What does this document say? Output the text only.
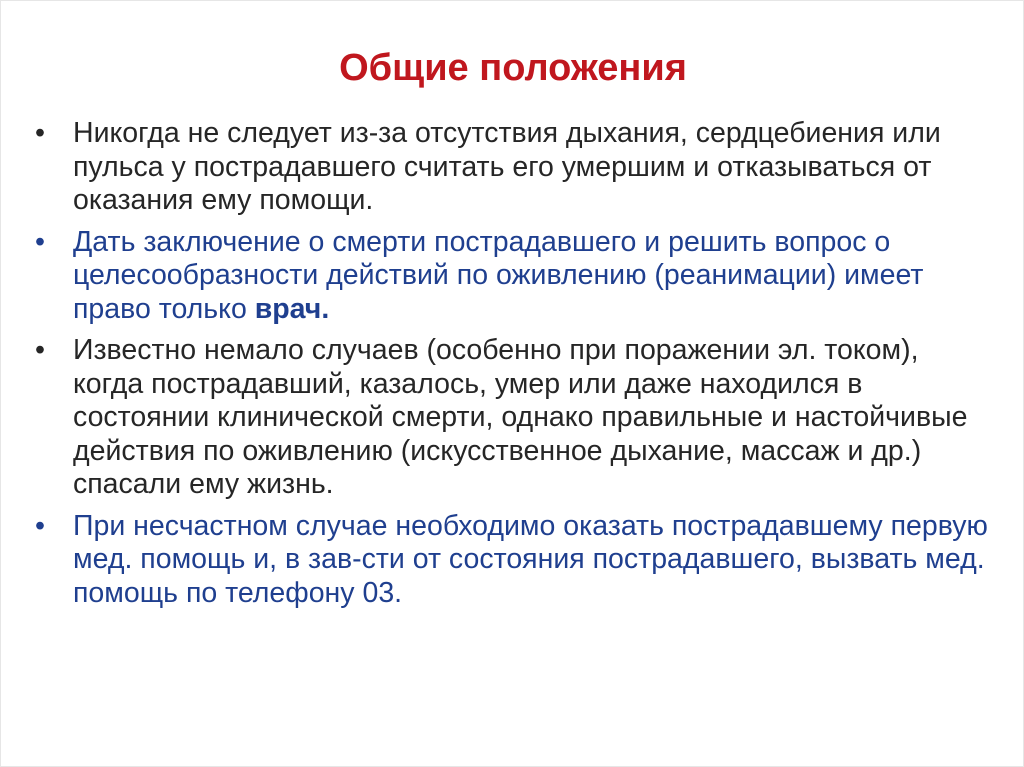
Общие положения
• Никогда не следует из-за отсутствия дыхания, сердцебиения или пульса у пострадавшего считать его умершим и отказываться от оказания ему помощи.
• Дать заключение о смерти пострадавшего и решить вопрос о целесообразности действий по оживлению (реанимации) имеет право только врач.
• Известно немало случаев (особенно при поражении эл. током), когда пострадавший, казалось, умер или даже находился в состоянии клинической смерти, однако правильные и настойчивые действия по оживлению (искусственное дыхание, массаж и др.) спасали ему жизнь.
• При несчастном случае необходимо оказать пострадавшему первую мед. помощь и, в зав-сти от состояния пострадавшего, вызвать мед. помощь по телефону 03.
